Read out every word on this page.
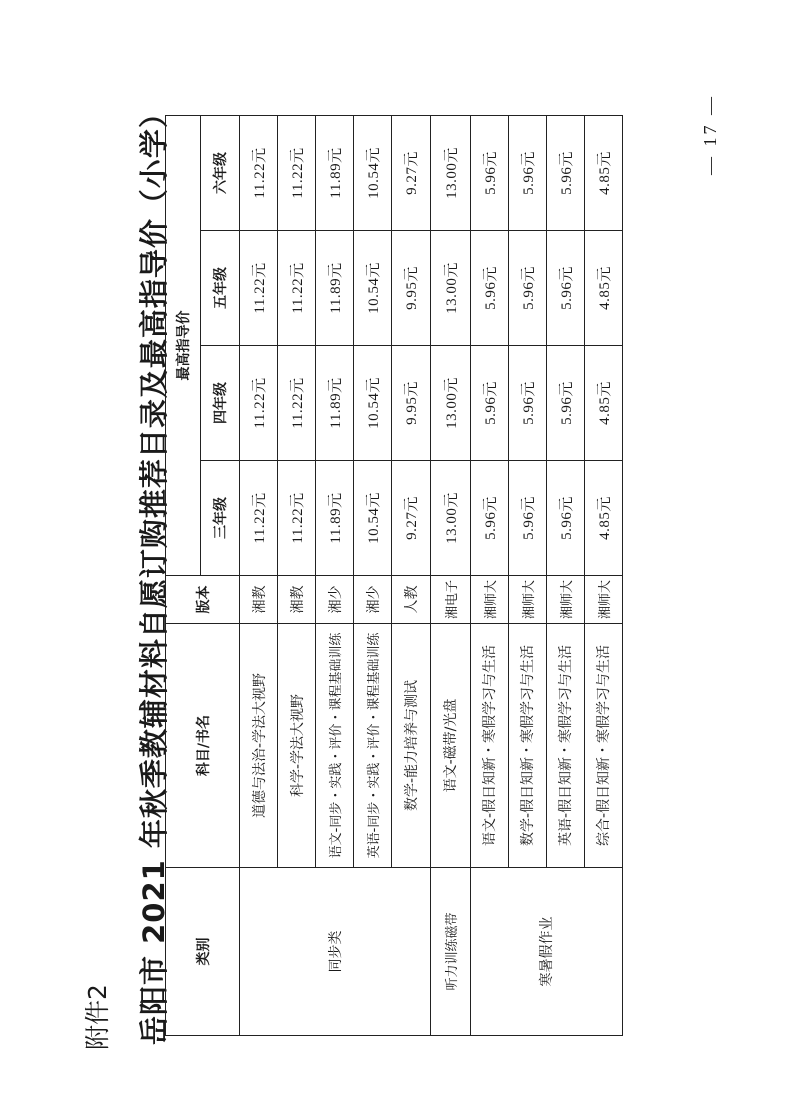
附件2 岳阳市 2021 年秋季教辅材料自愿订购推荐目录及最高指导价（小学）	— 17 —
类别	科目/书名	版本	最高指导价			
			三年级	四年级	五年级	六年级
同步类	道德与法治-学法大视野	湘教	11.22元	11.22元	11.22元	11.22元
	科学-学法大视野	湘教	11.22元	11.22元	11.22元	11.22元
	语文-同步・实践・评价・课程基础训练	湘少	11.89元	11.89元	11.89元	11.89元
	英语-同步・实践・评价・课程基础训练	湘少	10.54元	10.54元	10.54元	10.54元
	数学-能力培养与测试	人教	9.27元	9.95元	9.95元	9.27元
听力训练磁带	语文-磁带/光盘	湘电子	13.00元	13.00元	13.00元	13.00元
寒暑假作业	语文-假日知新・寒假学习与生活	湘师大	5.96元	5.96元	5.96元	5.96元
	数学-假日知新・寒假学习与生活	湘师大	5.96元	5.96元	5.96元	5.96元
	英语-假日知新・寒假学习与生活	湘师大	5.96元	5.96元	5.96元	5.96元
	综合-假日知新・寒假学习与生活	湘师大	4.85元	4.85元	4.85元	4.85元
